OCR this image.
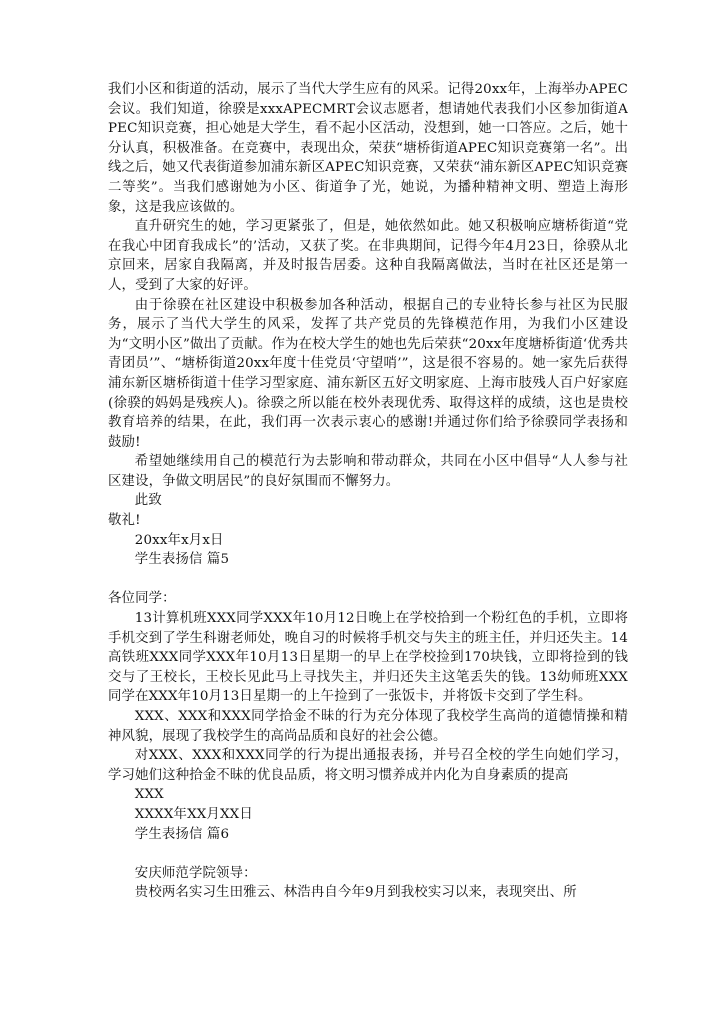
我们小区和街道的活动，展示了当代大学生应有的风采。记得20xx年，上海举办APEC会议。我们知道，徐骙是xxxAPECMRT会议志愿者，想请她代表我们小区参加街道APEC知识竞赛，担心她是大学生，看不起小区活动，没想到，她一口答应。之后，她十分认真，积极准备。在竞赛中，表现出众，荣获“塘桥街道APEC知识竞赛第一名”。出线之后，她又代表街道参加浦东新区APEC知识竞赛，又荣获“浦东新区APEC知识竞赛二等奖”。当我们感谢她为小区、街道争了光，她说，为播种精神文明、塑造上海形象，这是我应该做的。

直升研究生的她，学习更紧张了，但是，她依然如此。她又积极响应塘桥街道“党在我心中团育我成长”的’活动，又获了奖。在非典期间，记得今年4月23日，徐骙从北京回来，居家自我隔离，并及时报告居委。这种自我隔离做法，当时在社区还是第一人，受到了大家的好评。

由于徐骙在社区建设中积极参加各种活动，根据自己的专业特长参与社区为民服务，展示了当代大学生的风采，发挥了共产党员的先锋模范作用，为我们小区建设为“文明小区”做出了贡献。作为在校大学生的她也先后荣获“20xx年度塘桥街道‘优秀共青团员’”、“塘桥街道20xx年度十佳党员‘守望哨’”，这是很不容易的。她一家先后获得浦东新区塘桥街道十佳学习型家庭、浦东新区五好文明家庭、上海市肢残人百户好家庭(徐骙的妈妈是残疾人)。徐骙之所以能在校外表现优秀、取得这样的成绩，这也是贵校教育培养的结果，在此，我们再一次表示衷心的感谢!并通过你们给予徐骙同学表扬和鼓励!

希望她继续用自己的模范行为去影响和带动群众，共同在小区中倡导“人人参与社区建设，争做文明居民”的良好氛围而不懈努力。

此致

敬礼!

20xx年x月x日

学生表扬信 篇5

各位同学：

13计算机班XXX同学XXX年10月12日晚上在学校拾到一个粉红色的手机，立即将手机交到了学生科谢老师处，晚自习的时候将手机交与失主的班主任，并归还失主。14高铁班XXX同学XXX年10月13日星期一的早上在学校捡到170块钱，立即将捡到的钱交与了王校长，王校长见此马上寻找失主，并归还失主这笔丢失的钱。13幼师班XXX同学在XXX年10月13日星期一的上午捡到了一张饭卡，并将饭卡交到了学生科。

XXX、XXX和XXX同学拾金不昧的行为充分体现了我校学生高尚的道德情操和精神风貌，展现了我校学生的高尚品质和良好的社会公德。

对XXX、XXX和XXX同学的行为提出通报表扬，并号召全校的学生向她们学习，学习她们这种拾金不昧的优良品质，将文明习惯养成并内化为自身素质的提高

XXX

XXXX年XX月XX日

学生表扬信 篇6

安庆师范学院领导：

贵校两名实习生田雅云、林浩冉自今年9月到我校实习以来，表现突出、所
